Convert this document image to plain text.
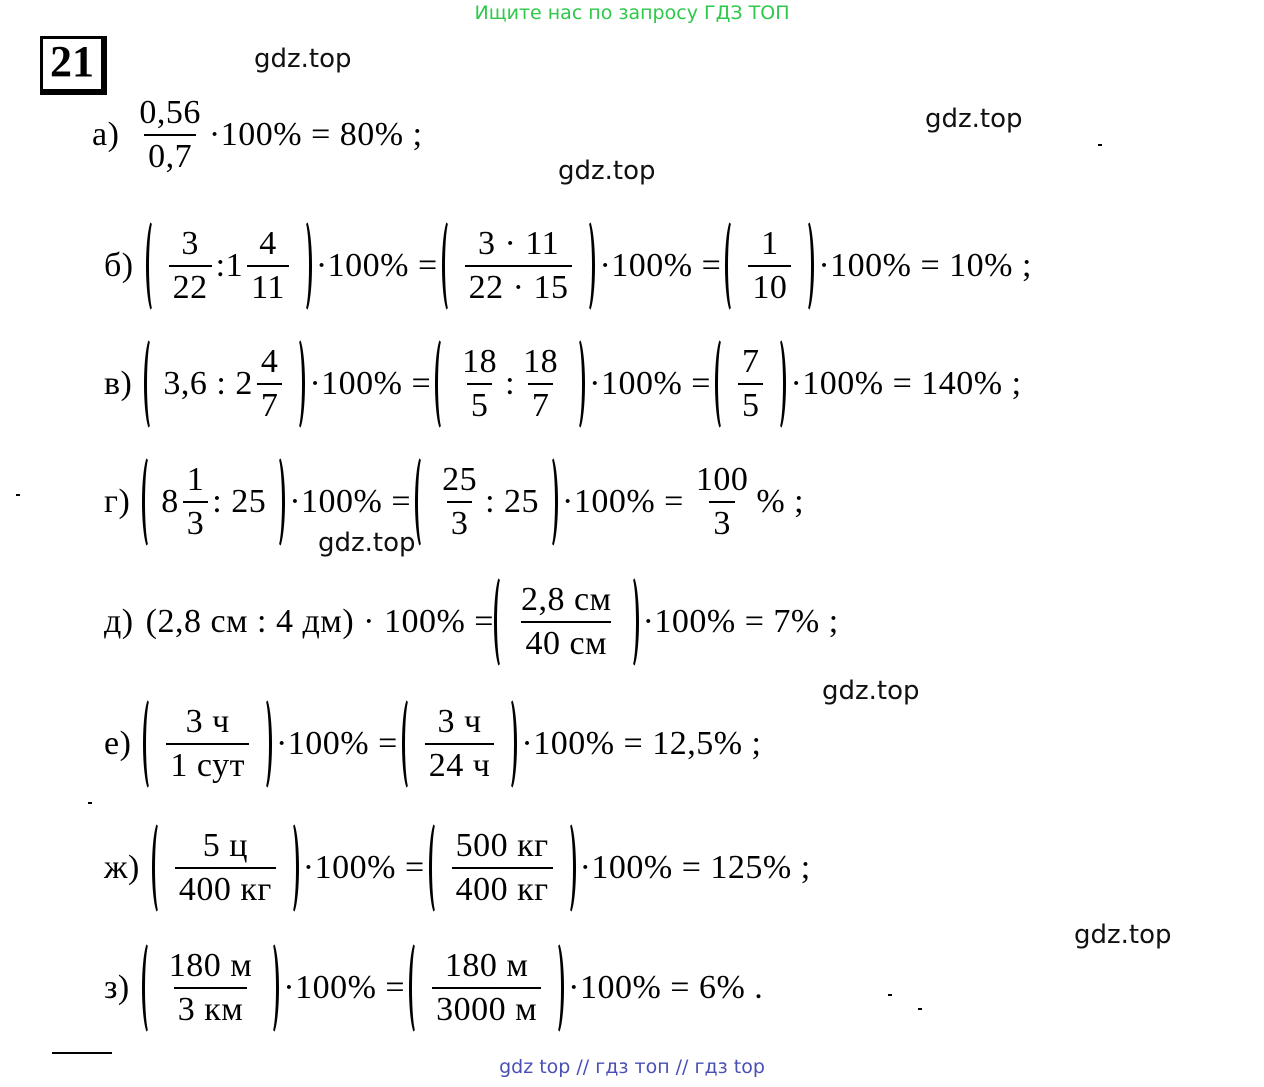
Ищите нас по запросу ГДЗ ТОП
21	gdz.top
gdz.top
gdz.top
gdz.top
gdz.top
gdz.top
$а) \frac{0,56}{0,7} \cdot 100\% = 80\%$ ;
$б) \frac{3}{22}$ : $1 \frac{4}{11} \cdot 100\% = \frac{3 \cdot 11}{22 \cdot 15} \cdot 100\% = \frac{1}{10} \cdot 100\% = 10\%$ ;
в) 3,6 : $2 \frac{4}{7} \cdot 100\% = \frac{18}{5}$ : $\frac{18}{7} \cdot 100\% = \frac{7}{5} \cdot 100\% = 140\%$ ;
г) $8 \frac{1}{3}$ : $25 \cdot 100\% = \frac{25}{3}$ : $25 \cdot 100\% = \frac{100}{3}$ % ;
д) (2,8 см : 4 $дм) \cdot 100\% = \frac{2,8 см}{40 см} \cdot 100\% = 7\%$ ;
$е) \frac{3 ч}{\text{1 сут}} \cdot 100\% = \frac{3 ч}{24 ч} \cdot 100\% = 12,5\%$ ;
$ж) \frac{5 ц}{400 кг} \cdot 100\% = \frac{500 кг}{400 кг} \cdot 100\% = 125\%$ ;
$з) \frac{180 м}{3 км} \cdot 100\% = \frac{180 м}{3000 м} \cdot 100\% = 6\%$ .
gdz top // гдз топ // гдз top
